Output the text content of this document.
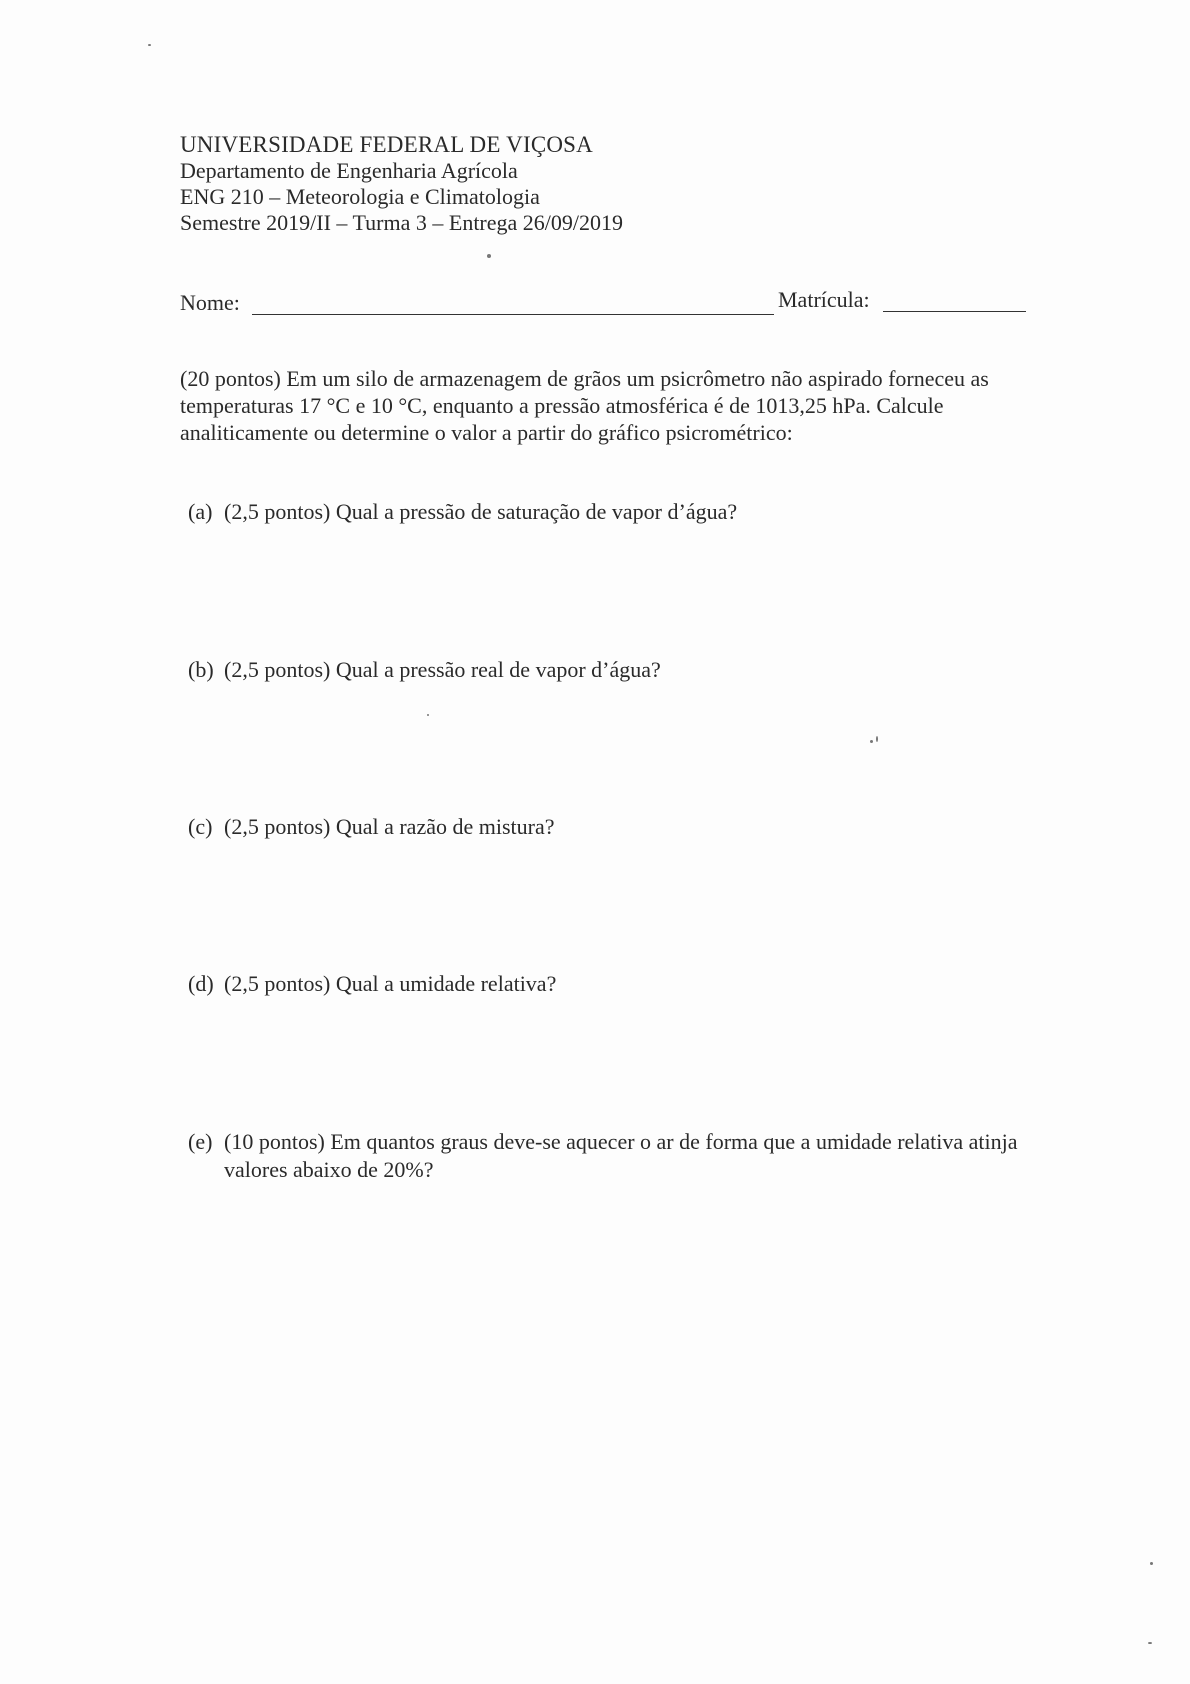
UNIVERSIDADE FEDERAL DE VIÇOSA
Departamento de Engenharia Agrícola
ENG 210 – Meteorologia e Climatologia
Semestre 2019/II – Turma 3 – Entrega 26/09/2019
Nome:	Matrícula:
(20 pontos) Em um silo de armazenagem de grãos um psicrômetro não aspirado forneceu as temperaturas 17 °C e 10 °C, enquanto a pressão atmosférica é de 1013,25 hPa. Calcule analiticamente ou determine o valor a partir do gráfico psicrométrico:
(a) (2,5 pontos) Qual a pressão de saturação de vapor d’água?
(b) (2,5 pontos) Qual a pressão real de vapor d’água?
(c) (2,5 pontos) Qual a razão de mistura?
(d) (2,5 pontos) Qual a umidade relativa?
(e) (10 pontos) Em quantos graus deve-se aquecer o ar de forma que a umidade relativa atinja valores abaixo de 20%?
